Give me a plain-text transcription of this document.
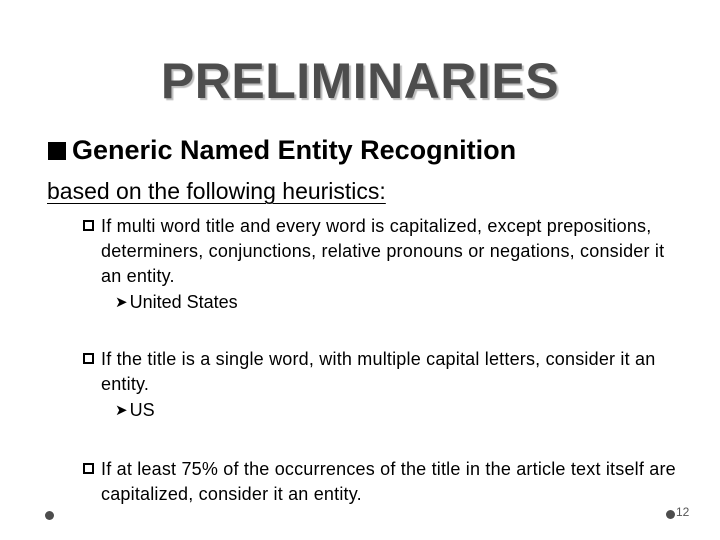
PRELIMINARIES
Generic Named Entity Recognition
based on the following heuristics:
If multi word title and every word is capitalized, except prepositions, determiners, conjunctions, relative pronouns or negations, consider it an entity.
➤ United States
If the title is a single word, with multiple capital letters, consider it an entity.
➤ US
If at least 75% of the occurrences of the title in the article text itself are capitalized, consider it an entity.
12
